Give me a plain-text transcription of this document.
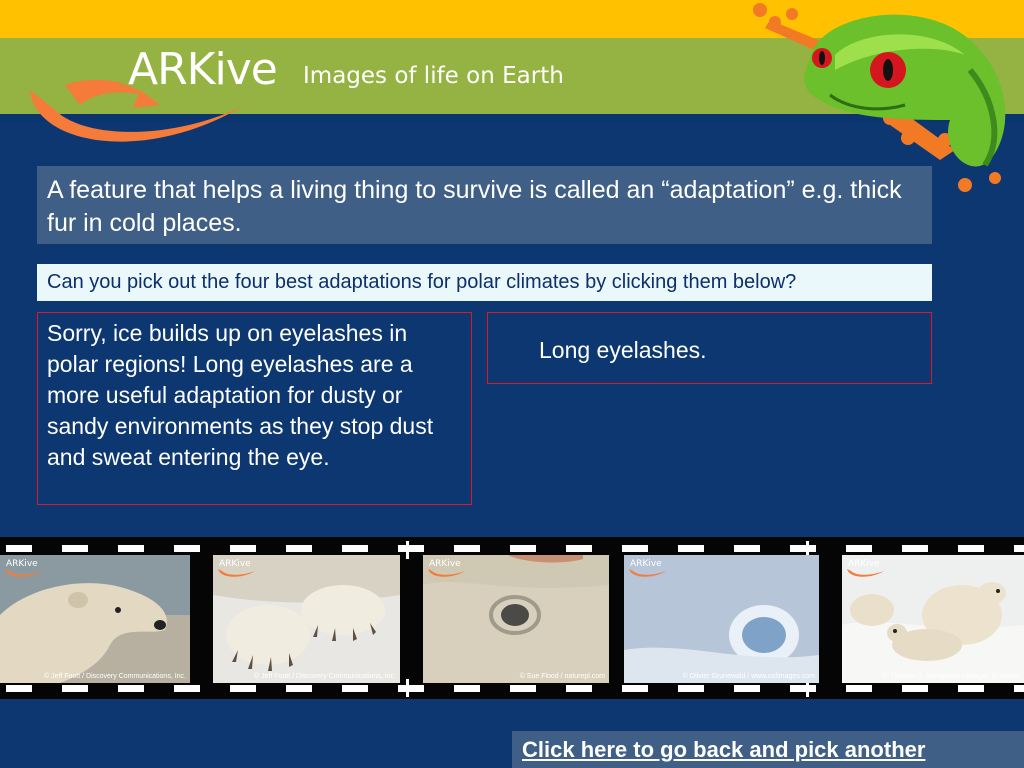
ARKive Images of life on Earth
A feature that helps a living thing to survive is called an “adaptation” e.g. thick fur in cold places.
Can you pick out the four best adaptations for polar climates by clicking them below?
Sorry, ice builds up on eyelashes in polar regions! Long eyelashes are a more useful adaptation for dusty or sandy environments as they stop dust and sweat entering the eye.
Long eyelashes.
ARKive
© Jeff Foott / Discovery Communications, Inc.
ARKive
© Jeff Foott / Discovery Communications, Inc.
ARKive
© Sue Flood / naturepl.com
ARKive
© Olivier Grunewald / www.osfimages.com
ARKive
© Thomas D. Mangelsen / Images of Nature
Click here to go back and pick another
